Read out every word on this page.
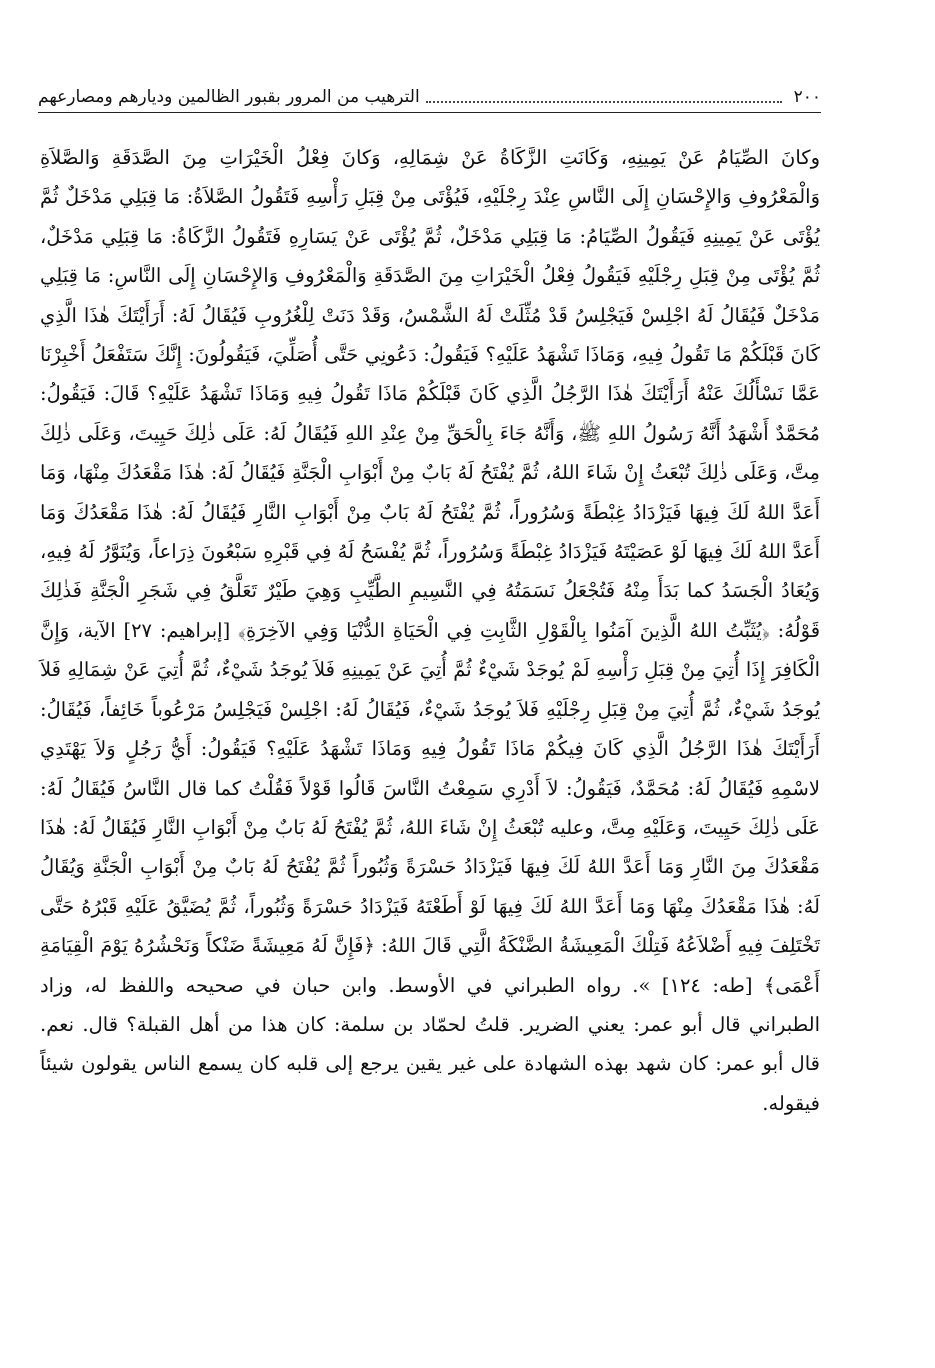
٢٠٠
الترهيب من المرور بقبور الظالمين وديارهم ومصارعهم

وكانَ الصِّيَامُ عَنْ يَمِينِهِ، وَكَانَتِ الزَّكَاةُ عَنْ شِمَالِهِ، وَكانَ فِعْلُ الْخَيْرَاتِ مِنَ الصَّدَقَةِ وَالصَّلاَةِ وَالْمَعْرُوفِ وَالإِحْسَانِ إِلَى النَّاسِ عِنْدَ رِجْلَيْهِ، فَيُؤْتَى مِنْ قِبَلِ رَأْسِهِ فَتَقُولُ الصَّلاَةُ: مَا قِبَلِي مَدْخَلٌ ثُمَّ يُؤْتَى عَنْ يَمِينِهِ فَيَقُولُ الصِّيَامُ: مَا قِبَلِي مَدْخَلٌ، ثُمَّ يُؤْتَى عَنْ يَسَارِهِ فَتَقُولُ الزَّكَاةُ: مَا قِبَلِي مَدْخَلٌ، ثُمَّ يُؤْتَى مِنْ قِبَلِ رِجْلَيْهِ فَيَقُولُ فِعْلُ الْخَيْرَاتِ مِنَ الصَّدَقَةِ وَالْمَعْرُوفِ وَالإِحْسَانِ إِلَى النَّاسِ: مَا قِبَلِي مَدْخَلٌ فَيُقَالُ لَهُ اجْلِسْ فَيَجْلِسُ قَدْ مُثِّلَتْ لَهُ الشَّمْسُ، وَقَدْ دَنَتْ لِلْغُرُوبِ فَيُقَالُ لَهُ: أَرَأَيْتَكَ هٰذَا الَّذِي كَانَ قَبْلَكُمْ مَا تَقُولُ فِيهِ، وَمَاذَا تَشْهَدُ عَلَيْهِ؟ فَيَقُولُ: دَعُونِي حَتَّى أُصَلِّيَ، فَيَقُولُونَ: إِنَّكَ سَتَفْعَلُ أَخْبِرْنَا عَمَّا نَسْأَلُكَ عَنْهُ أَرَأَيْتَكَ هٰذَا الرَّجُلُ الَّذِي كَانَ قَبْلَكُمْ مَاذَا تَقُولُ فِيهِ وَمَاذَا تَشْهَدُ عَلَيْهِ؟ قَالَ: فَيَقُولُ: مُحَمَّدٌ أَشْهَدُ أَنَّهُ رَسُولُ اللهِ ﷺ، وَأَنَّهُ جَاءَ بِالْحَقِّ مِنْ عِنْدِ اللهِ فَيُقَالُ لَهُ: عَلَى ذٰلِكَ حَيِيتَ، وَعَلَى ذٰلِكَ مِتَّ، وَعَلَى ذٰلِكَ تُبْعَثُ إِنْ شَاءَ اللهُ، ثُمَّ يُفْتَحُ لَهُ بَابٌ مِنْ أَبْوَابِ الْجَنَّةِ فَيُقَالُ لَهُ: هٰذَا مَقْعَدُكَ مِنْهَا، وَمَا أَعَدَّ اللهُ لَكَ فِيهَا فَيَزْدَادُ غِبْطَةً وَسُرُوراً، ثُمَّ يُفْتَحُ لَهُ بَابٌ مِنْ أَبْوَابِ النَّارِ فَيُقَالُ لَهُ: هٰذَا مَقْعَدُكَ وَمَا أَعَدَّ اللهُ لَكَ فِيهَا لَوْ عَصَيْتَهُ فَيَزْدَادُ غِبْطَةً وَسُرُوراً، ثُمَّ يُفْسَحُ لَهُ فِي قَبْرِهِ سَبْعُونَ ذِرَاعاً، وَيُنَوَّرُ لَهُ فِيهِ، وَيُعَادُ الْجَسَدُ كما بَدَأَ مِنْهُ فَتُجْعَلُ نَسَمَتُهُ فِي النَّسِيمِ الطَّيِّبِ وَهِيَ طَيْرٌ تَعَلَّقُ فِي شَجَرِ الْجَنَّةِ فَذٰلِكَ قَوْلُهُ: ﴿يُثَبِّتُ اللهُ الَّذِينَ آمَنُوا بِالْقَوْلِ الثَّابِتِ فِي الْحَيَاةِ الدُّنْيَا وَفِي الآخِرَةِ﴾ [إبراهيم: ٢٧] الآية، وَإِنَّ الْكَافِرَ إِذَا أُتِيَ مِنْ قِبَلِ رَأْسِهِ لَمْ يُوجَدْ شَيْءٌ ثُمَّ أُتِيَ عَنْ يَمِينِهِ فَلاَ يُوجَدُ شَيْءٌ، ثُمَّ أُتِيَ عَنْ شِمَالِهِ فَلاَ يُوجَدُ شَيْءٌ، ثُمَّ أُتِيَ مِنْ قِبَلِ رِجْلَيْهِ فَلاَ يُوجَدُ شَيْءٌ، فَيُقَالُ لَهُ: اجْلِسْ فَيَجْلِسُ مَرْعُوباً خَائِفاً، فَيُقَالُ: أَرَأَيْتَكَ هٰذَا الرَّجُلُ الَّذِي كَانَ فِيكُمْ مَاذَا تَقُولُ فِيهِ وَمَاذَا تَشْهَدُ عَلَيْهِ؟ فَيَقُولُ: أَيُّ رَجُلٍ وَلاَ يَهْتَدِي لاسْمِهِ فَيُقَالُ لَهُ: مُحَمَّدٌ، فَيَقُولُ: لاَ أَدْرِي سَمِعْتُ النَّاسَ قَالُوا قَوْلاً فَقُلْتُ كما قال النَّاسُ فَيُقَالُ لَهُ: عَلَى ذٰلِكَ حَيِيتَ، وَعَلَيْهِ مِتَّ، وعليه تُبْعَثُ إِنْ شَاءَ اللهُ، ثُمَّ يُفْتَحُ لَهُ بَابٌ مِنْ أَبْوَابِ النَّارِ فَيُقَالُ لَهُ: هٰذَا مَقْعَدُكَ مِنَ النَّارِ وَمَا أَعَدَّ اللهُ لَكَ فِيهَا فَيَزْدَادُ حَسْرَةً وَثُبُوراً ثُمَّ يُفْتَحُ لَهُ بَابٌ مِنْ أَبْوَابِ الْجَنَّةِ وَيُقَالُ لَهُ: هٰذَا مَقْعَدُكَ مِنْهَا وَمَا أَعَدَّ اللهُ لَكَ فِيهَا لَوْ أَطَعْتَهُ فَيَزْدَادُ حَسْرَةً وَثُبُوراً، ثُمَّ يُضَيَّقُ عَلَيْهِ قَبْرُهُ حَتَّى تَخْتَلِفَ فِيهِ أَضْلاَعُهُ فَتِلْكَ الْمَعِيشَةُ الضَّنْكَةُ الَّتِي قَالَ اللهُ: ﴿فَإِنَّ لَهُ مَعِيشَةً ضَنْكاً وَنَحْشُرُهُ يَوْمَ الْقِيَامَةِ أَعْمَى﴾ [طه: ١٢٤] ». رواه الطبراني في الأوسط. وابن حبان في صحيحه واللفظ له، وزاد الطبراني قال أبو عمر: يعني الضرير. قلتُ لحمّاد بن سلمة: كان هذا من أهل القبلة؟ قال. نعم. قال أبو عمر: كان شهد بهذه الشهادة على غير يقين يرجع إلى قلبه كان يسمع الناس يقولون شيئاً فيقوله.
